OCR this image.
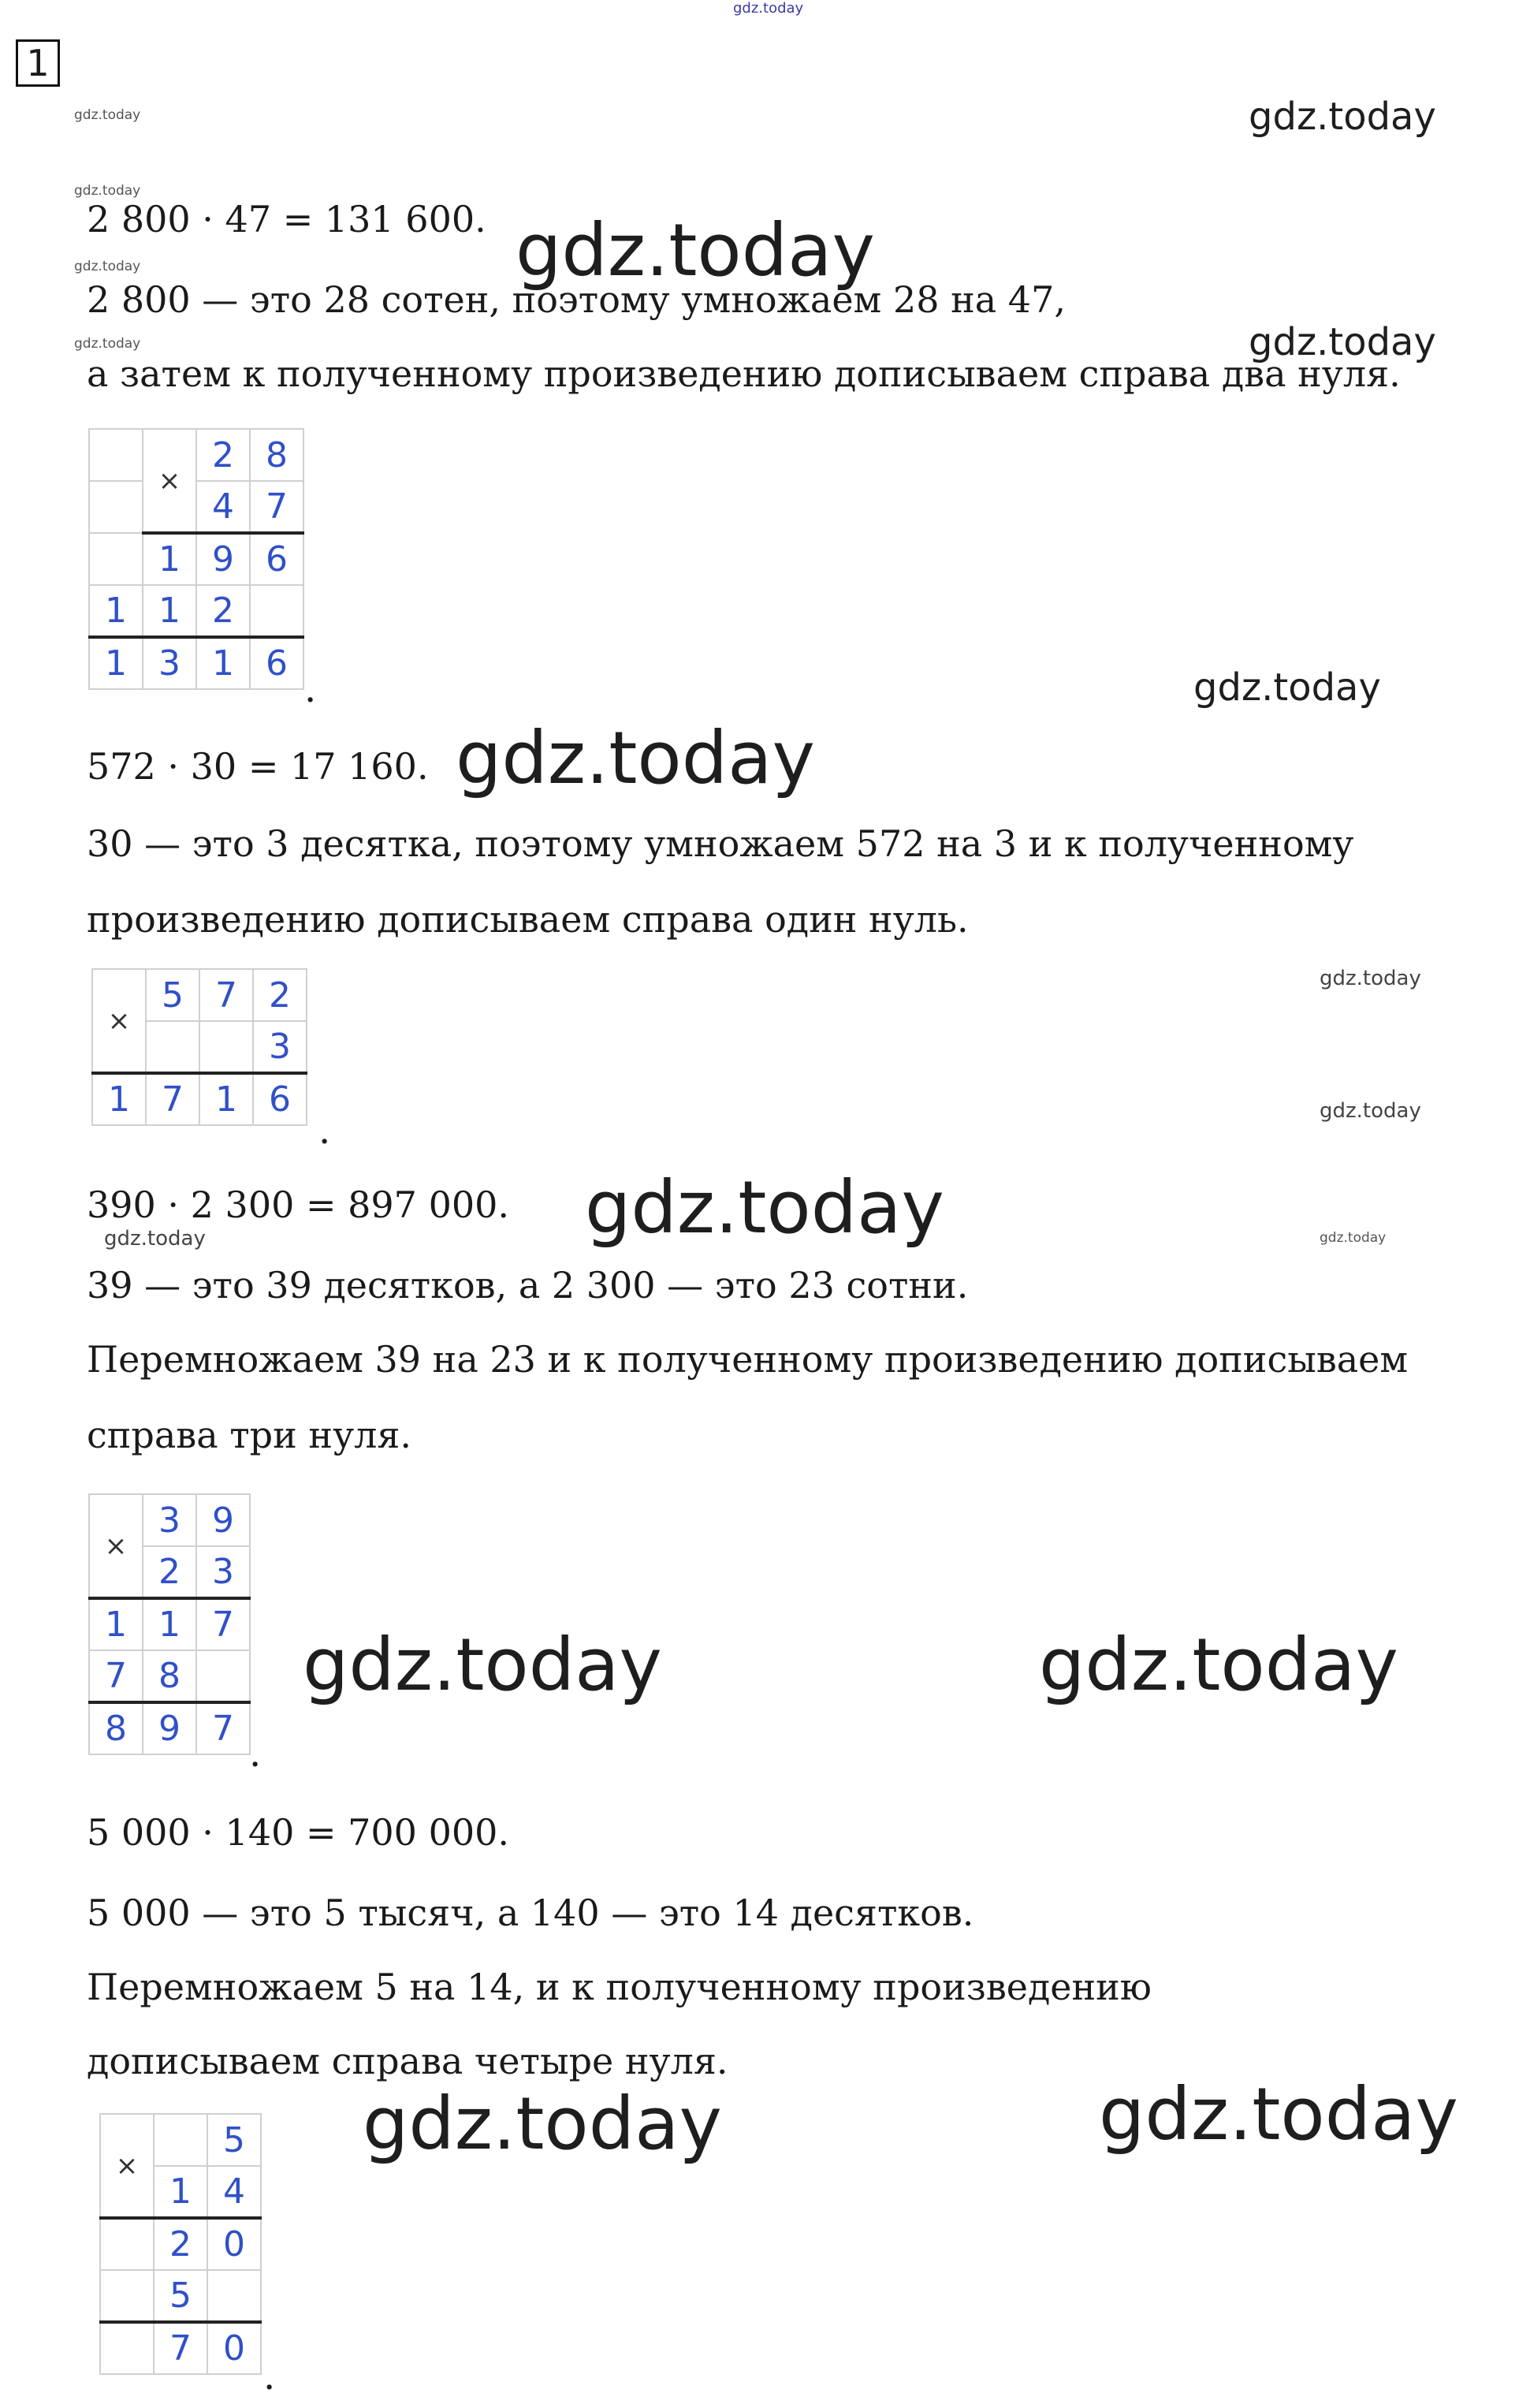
1
2 800 · 47 = 131 600.
2 800 — это 28 сотен, поэтому умножаем 28 на 47,
а затем к полученному произведению дописываем справа два нуля.
	×	2	8
		4	7
	1	9	6
1	1	2	
1	3	1	6
.
572 · 30 = 17 160.
30 — это 3 десятка, поэтому умножаем 572 на 3 и к полученному
произведению дописываем справа один нуль.
×	5	7	2
			3
1	7	1	6
.
390 · 2 300 = 897 000.
39 — это 39 десятков, а 2 300 — это 23 сотни.
Перемножаем 39 на 23 и к полученному произведению дописываем
справа три нуля.
×	3	9
	2	3
1	1	7
7	8	
8	9	7
.
5 000 · 140 = 700 000.
5 000 — это 5 тысяч, а 140 — это 14 десятков.
Перемножаем 5 на 14, и к полученному произведению
дописываем справа четыре нуля.
×		5
	1	4
	2	0
	5	
	7	0
.
gdz.today
gdz.today	gdz.today
gdz.today
gdz.today
gdz.today
gdz.today	gdz.today
gdz.today
gdz.today
gdz.today
gdz.today
gdz.today
gdz.today	gdz.today
gdz.today	gdz.today
gdz.today	gdz.today
